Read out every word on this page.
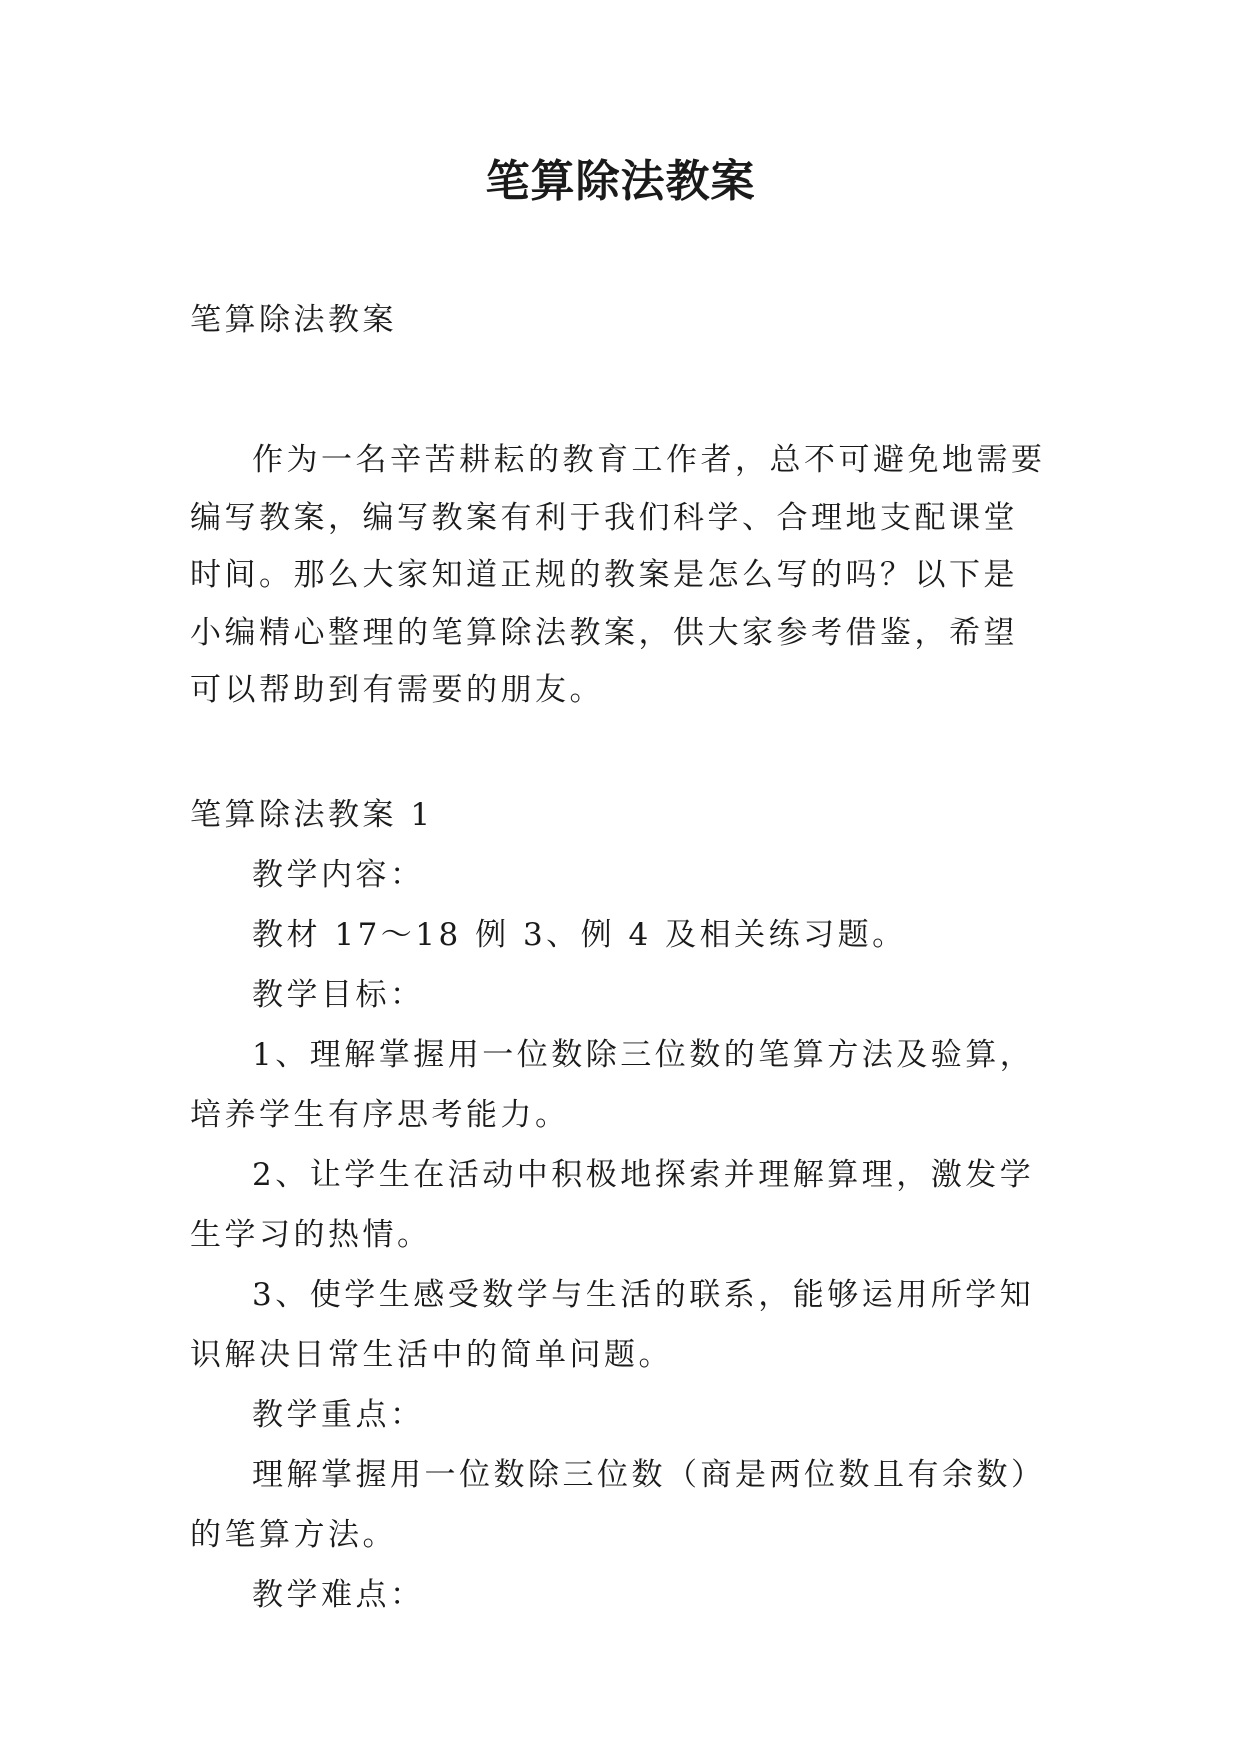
笔算除法教案

笔算除法教案

作为一名辛苦耕耘的教育工作者，总不可避免地需要编写教案，编写教案有利于我们科学、合理地支配课堂时间。那么大家知道正规的教案是怎么写的吗？以下是小编精心整理的笔算除法教案，供大家参考借鉴，希望可以帮助到有需要的朋友。

笔算除法教案 1

教学内容：

教材 17～18 例 3、例 4 及相关练习题。

教学目标：

1、理解掌握用一位数除三位数的笔算方法及验算，培养学生有序思考能力。

2、让学生在活动中积极地探索并理解算理，激发学生学习的热情。

3、使学生感受数学与生活的联系，能够运用所学知识解决日常生活中的简单问题。

教学重点：

理解掌握用一位数除三位数（商是两位数且有余数）的笔算方法。

教学难点：
